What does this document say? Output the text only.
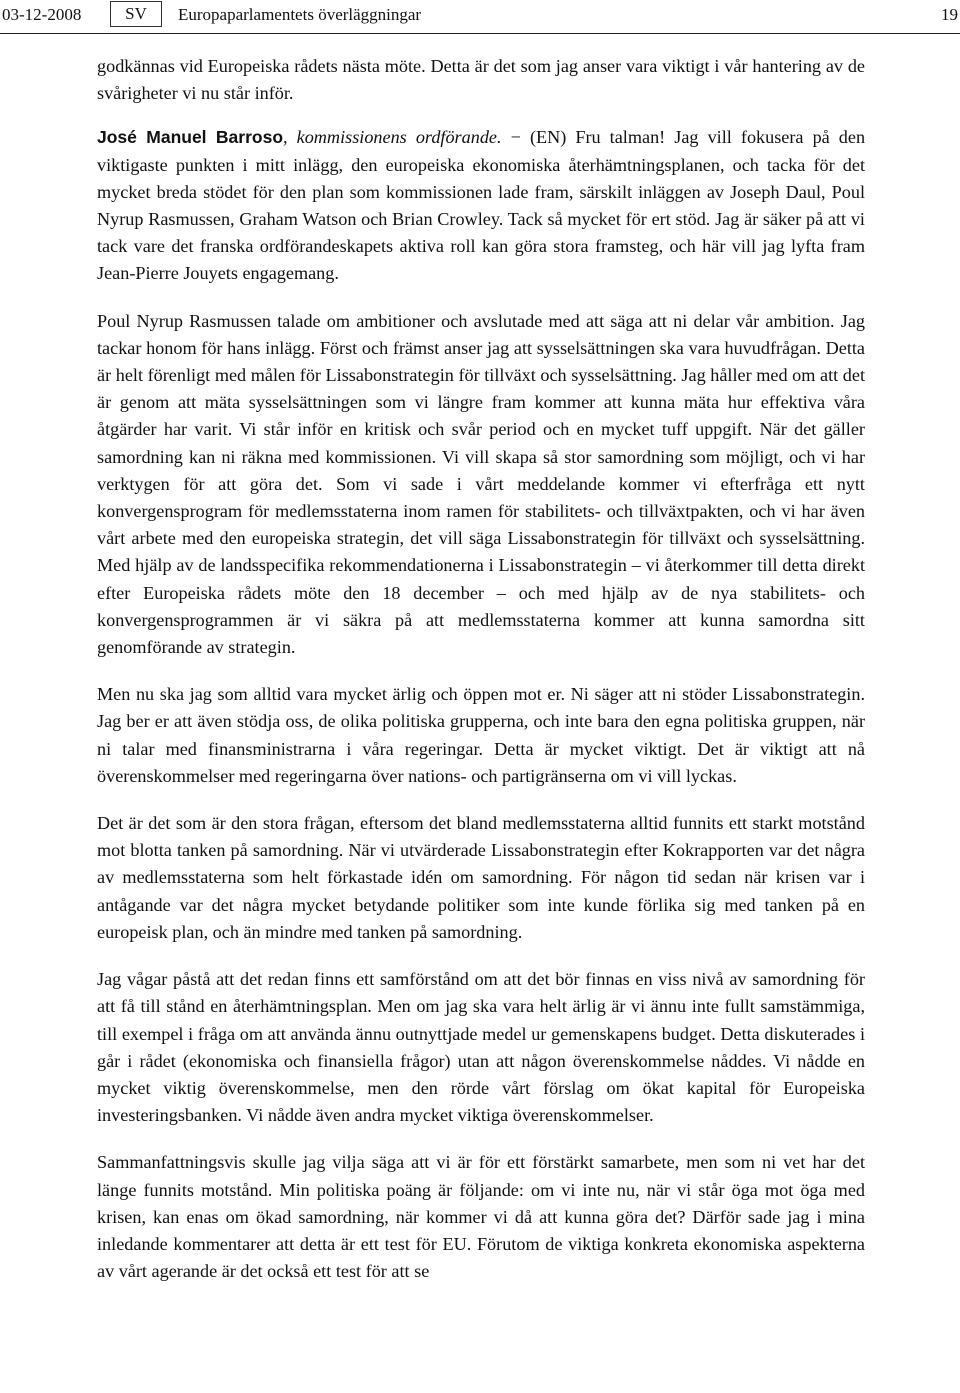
03-12-2008	SV	Europaparlamentets överläggningar	19

godkännas vid Europeiska rådets nästa möte. Detta är det som jag anser vara viktigt i vår hantering av de svårigheter vi nu står inför.

José Manuel Barroso, kommissionens ordförande. − (EN) Fru talman! Jag vill fokusera på den viktigaste punkten i mitt inlägg, den europeiska ekonomiska återhämtningsplanen, och tacka för det mycket breda stödet för den plan som kommissionen lade fram, särskilt inläggen av Joseph Daul, Poul Nyrup Rasmussen, Graham Watson och Brian Crowley. Tack så mycket för ert stöd. Jag är säker på att vi tack vare det franska ordförandeskapets aktiva roll kan göra stora framsteg, och här vill jag lyfta fram Jean-Pierre Jouyets engagemang.

Poul Nyrup Rasmussen talade om ambitioner och avslutade med att säga att ni delar vår ambition. Jag tackar honom för hans inlägg. Först och främst anser jag att sysselsättningen ska vara huvudfrågan. Detta är helt förenligt med målen för Lissabonstrategin för tillväxt och sysselsättning. Jag håller med om att det är genom att mäta sysselsättningen som vi längre fram kommer att kunna mäta hur effektiva våra åtgärder har varit. Vi står inför en kritisk och svår period och en mycket tuff uppgift. När det gäller samordning kan ni räkna med kommissionen. Vi vill skapa så stor samordning som möjligt, och vi har verktygen för att göra det. Som vi sade i vårt meddelande kommer vi efterfråga ett nytt konvergensprogram för medlemsstaterna inom ramen för stabilitets- och tillväxtpakten, och vi har även vårt arbete med den europeiska strategin, det vill säga Lissabonstrategin för tillväxt och sysselsättning. Med hjälp av de landsspecifika rekommendationerna i Lissabonstrategin – vi återkommer till detta direkt efter Europeiska rådets möte den 18 december – och med hjälp av de nya stabilitets- och konvergensprogrammen är vi säkra på att medlemsstaterna kommer att kunna samordna sitt genomförande av strategin.

Men nu ska jag som alltid vara mycket ärlig och öppen mot er. Ni säger att ni stöder Lissabonstrategin. Jag ber er att även stödja oss, de olika politiska grupperna, och inte bara den egna politiska gruppen, när ni talar med finansministrarna i våra regeringar. Detta är mycket viktigt. Det är viktigt att nå överenskommelser med regeringarna över nations- och partigränserna om vi vill lyckas.

Det är det som är den stora frågan, eftersom det bland medlemsstaterna alltid funnits ett starkt motstånd mot blotta tanken på samordning. När vi utvärderade Lissabonstrategin efter Kokrapporten var det några av medlemsstaterna som helt förkastade idén om samordning. För någon tid sedan när krisen var i antågande var det några mycket betydande politiker som inte kunde förlika sig med tanken på en europeisk plan, och än mindre med tanken på samordning.

Jag vågar påstå att det redan finns ett samförstånd om att det bör finnas en viss nivå av samordning för att få till stånd en återhämtningsplan. Men om jag ska vara helt ärlig är vi ännu inte fullt samstämmiga, till exempel i fråga om att använda ännu outnyttjade medel ur gemenskapens budget. Detta diskuterades i går i rådet (ekonomiska och finansiella frågor) utan att någon överenskommelse nåddes. Vi nådde en mycket viktig överenskommelse, men den rörde vårt förslag om ökat kapital för Europeiska investeringsbanken. Vi nådde även andra mycket viktiga överenskommelser.

Sammanfattningsvis skulle jag vilja säga att vi är för ett förstärkt samarbete, men som ni vet har det länge funnits motstånd. Min politiska poäng är följande: om vi inte nu, när vi står öga mot öga med krisen, kan enas om ökad samordning, när kommer vi då att kunna göra det? Därför sade jag i mina inledande kommentarer att detta är ett test för EU. Förutom de viktiga konkreta ekonomiska aspekterna av vårt agerande är det också ett test för att se
